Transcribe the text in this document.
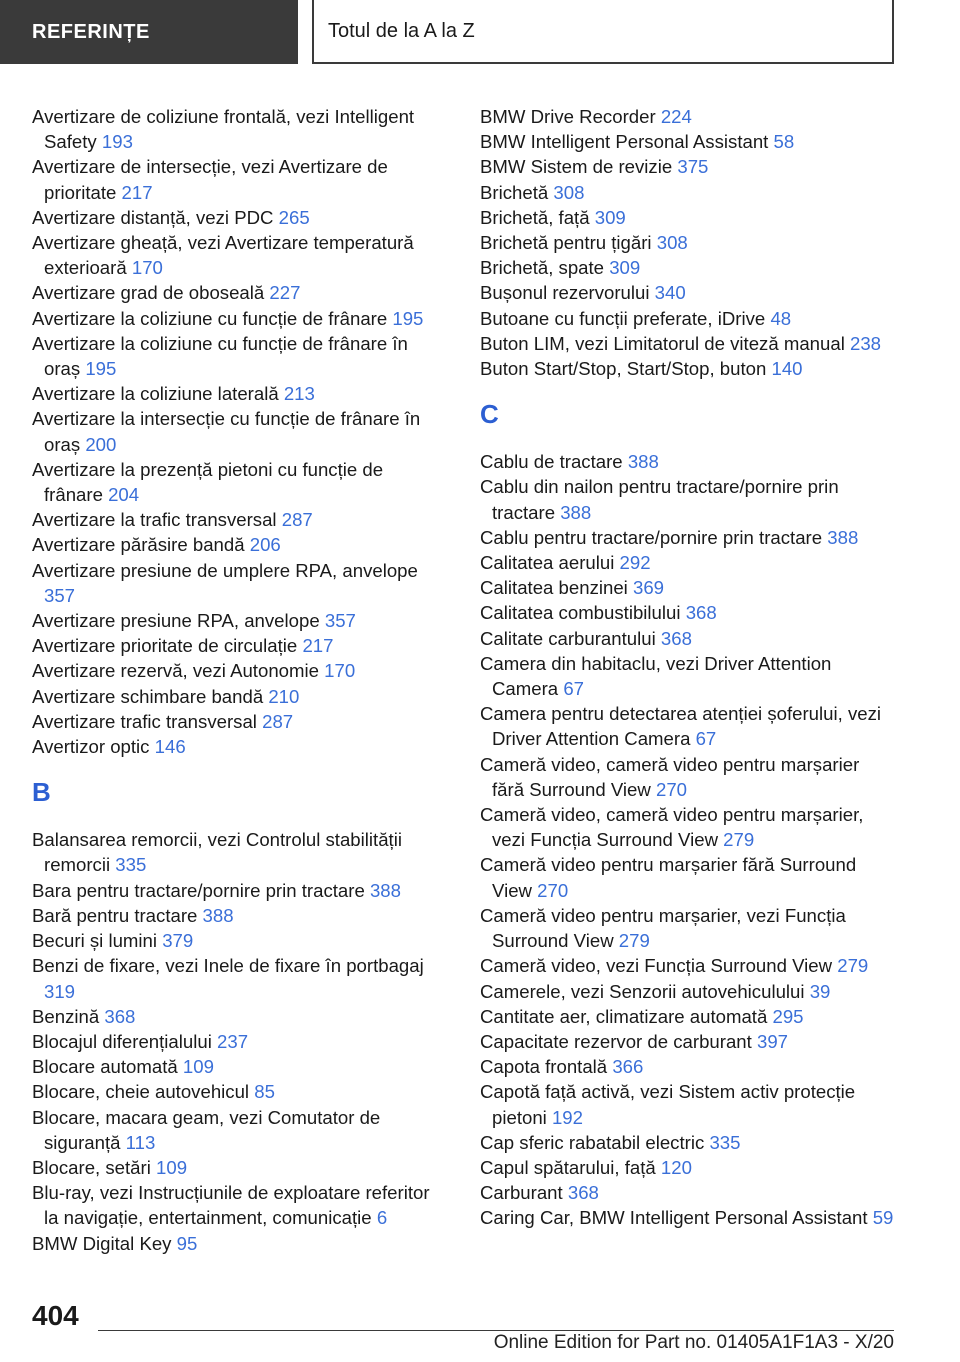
REFERINȚE	Totul de la A la Z
Avertizare de coliziune frontală, vezi Intelligent Safety 193
Avertizare de intersecție, vezi Avertizare de prioritate 217
Avertizare distanță, vezi PDC 265
Avertizare gheață, vezi Avertizare temperatură exterioară 170
Avertizare grad de oboseală 227
Avertizare la coliziune cu funcție de frânare 195
Avertizare la coliziune cu funcție de frânare în oraș 195
Avertizare la coliziune laterală 213
Avertizare la intersecție cu funcție de frânare în oraș 200
Avertizare la prezență pietoni cu funcție de frânare 204
Avertizare la trafic transversal 287
Avertizare părăsire bandă 206
Avertizare presiune de umplere RPA, anvelope 357
Avertizare presiune RPA, anvelope 357
Avertizare prioritate de circulație 217
Avertizare rezervă, vezi Autonomie 170
Avertizare schimbare bandă 210
Avertizare trafic transversal 287
Avertizor optic 146
B
Balansarea remorcii, vezi Controlul stabilității remorcii 335
Bara pentru tractare/pornire prin tractare 388
Bară pentru tractare 388
Becuri și lumini 379
Benzi de fixare, vezi Inele de fixare în portbagaj 319
Benzină 368
Blocajul diferențialului 237
Blocare automată 109
Blocare, cheie autovehicul 85
Blocare, macara geam, vezi Comutator de siguranță 113
Blocare, setări 109
Blu-ray, vezi Instrucțiunile de exploatare referitor la navigație, entertainment, comunicație 6
BMW Digital Key 95
BMW Drive Recorder 224
BMW Intelligent Personal Assistant 58
BMW Sistem de revizie 375
Brichetă 308
Brichetă, față 309
Brichetă pentru țigări 308
Brichetă, spate 309
Bușonul rezervorului 340
Butoane cu funcții preferate, iDrive 48
Buton LIM, vezi Limitatorul de viteză manual 238
Buton Start/Stop, Start/Stop, buton 140
C
Cablu de tractare 388
Cablu din nailon pentru tractare/pornire prin tractare 388
Cablu pentru tractare/pornire prin tractare 388
Calitatea aerului 292
Calitatea benzinei 369
Calitatea combustibilului 368
Calitate carburantului 368
Camera din habitaclu, vezi Driver Attention Camera 67
Camera pentru detectarea atenției șoferului, vezi Driver Attention Camera 67
Cameră video, cameră video pentru marșarier fără Surround View 270
Cameră video, cameră video pentru marșarier, vezi Funcția Surround View 279
Cameră video pentru marșarier fără Surround View 270
Cameră video pentru marșarier, vezi Funcția Surround View 279
Cameră video, vezi Funcția Surround View 279
Camerele, vezi Senzorii autovehiculului 39
Cantitate aer, climatizare automată 295
Capacitate rezervor de carburant 397
Capota frontală 366
Capotă față activă, vezi Sistem activ protecție pietoni 192
Cap sferic rabatabil electric 335
Capul spătarului, față 120
Carburant 368
Caring Car, BMW Intelligent Personal Assistant 59
404
Online Edition for Part no. 01405A1F1A3 - X/20
